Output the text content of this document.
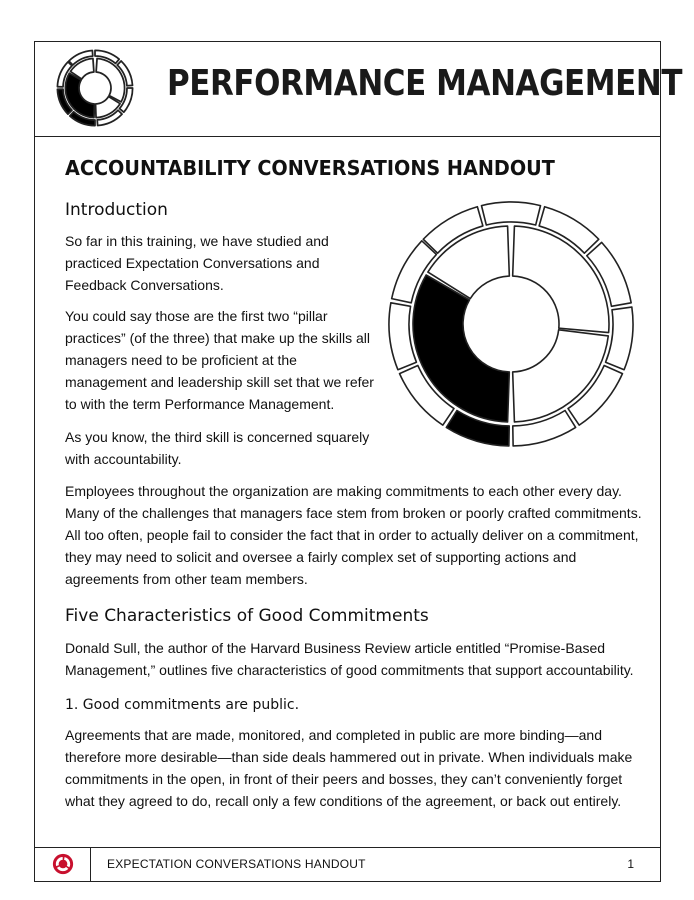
PERFORMANCE MANAGEMENT
ACCOUNTABILITY CONVERSATIONS HANDOUT
Introduction

So far in this training, we have studied and practiced Expectation Conversations and Feedback Conversations.

You could say those are the first two “pillar practices” (of the three) that make up the skills all managers need to be proficient at the management and leadership skill set that we refer to with the term Performance Management.

As you know, the third skill is concerned squarely with accountability.

Employees throughout the organization are making commitments to each other every day. Many of the challenges that managers face stem from broken or poorly crafted commitments. All too often, people fail to consider the fact that in order to actually deliver on a commitment, they may need to solicit and oversee a fairly complex set of supporting actions and agreements from other team members.

Five Characteristics of Good Commitments

Donald Sull, the author of the Harvard Business Review article entitled “Promise-Based Management,” outlines five characteristics of good commitments that support accountability.

1. Good commitments are public.

Agreements that are made, monitored, and completed in public are more binding—and therefore more desirable—than side deals hammered out in private. When individuals make commitments in the open, in front of their peers and bosses, they can’t conveniently forget what they agreed to do, recall only a few conditions of the agreement, or back out entirely.

EXPECTATION CONVERSATIONS HANDOUT	1
